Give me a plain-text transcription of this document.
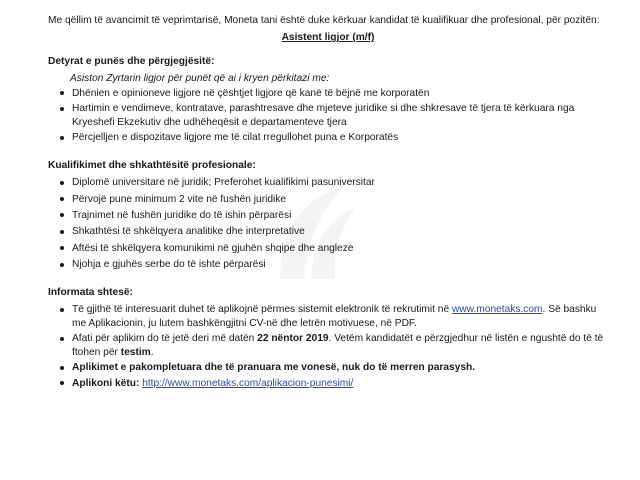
Me qëllim të avancimit të veprimtarisë, Moneta tani është duke kërkuar kandidat të kualifikuar dhe profesional, për pozitën:

Asistent ligjor (m/f)

Detyrat e punës dhe përgjegjësitë:

Asiston Zyrtarin ligjor për punët që ai i kryen përkitazi me:

Dhënien e opinioneve ligjore në çështjet ligjore që kanë të bëjnë me korporatën
Hartimin e vendimeve, kontratave, parashtresave dhe mjeteve juridike si dhe shkresave të tjera të kërkuara nga Kryeshefi Ekzekutiv dhe udhëheqësit e departamenteve tjera
Përcjelljen e dispozitave ligjore me të cilat rregullohet puna e Korporatës

Kualifikimet dhe shkathtësitë profesionale:

Diplomë universitare në juridik; Preferohet kualifikimi pasuniversitar
Përvojë pune minimum 2 vite në fushën juridike
Trajnimet në fushën juridike do të ishin përparësi
Shkathtësi të shkëlqyera analitike dhe interpretative
Aftësi të shkëlqyera komunikimi në gjuhën shqipe dhe angleze
Njohja e gjuhës serbe do të ishte përparësi

Informata shtesë:

Të gjithë të interesuarit duhet të aplikojnë përmes sistemit elektronik të rekrutimit në www.monetaks.com. Së bashku me Aplikacionin, ju lutem bashkëngjitni CV-në dhe letrën motivuese, në PDF.
Afati për aplikim do të jetë deri më datën 22 nëntor 2019. Vetëm kandidatët e përzgjedhur në listën e ngushtë do të të ftohen për testim.
Aplikimet e pakompletuara dhe të pranuara me vonesë, nuk do të merren parasysh.
Aplikoni këtu: http://www.monetaks.com/aplikacion-punesimi/
